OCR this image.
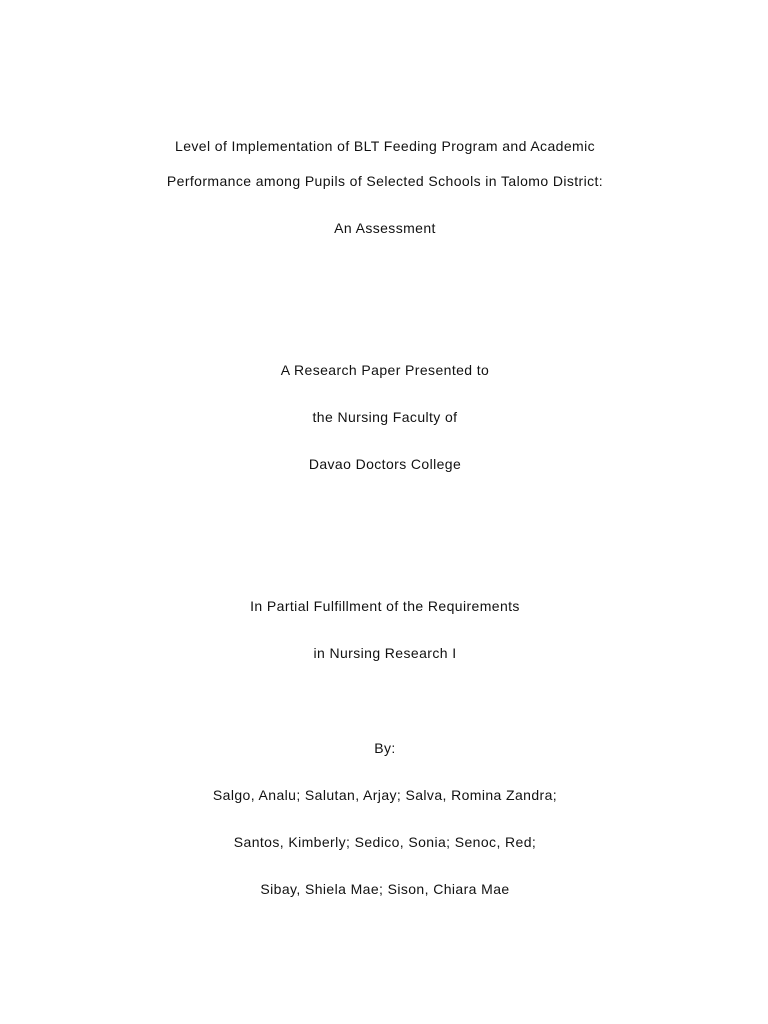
Level of Implementation of BLT Feeding Program and Academic
Performance among Pupils of Selected Schools in Talomo District:
An Assessment
A Research Paper Presented to
the Nursing Faculty of
Davao Doctors College
In Partial Fulfillment of the Requirements
in Nursing Research I
By:
Salgo, Analu; Salutan, Arjay; Salva, Romina Zandra;
Santos, Kimberly; Sedico, Sonia; Senoc, Red;
Sibay, Shiela Mae; Sison, Chiara Mae
